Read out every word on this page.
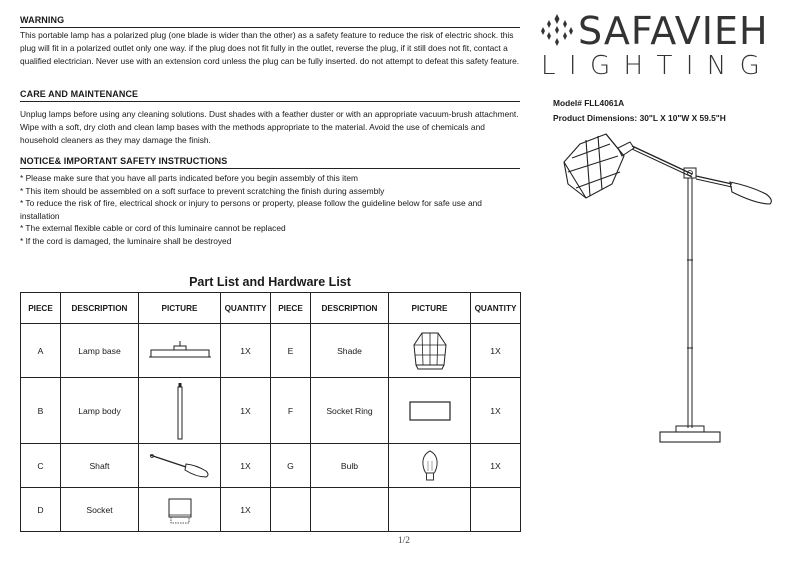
WARNING
This portable lamp has a polarized plug (one blade is wider than the other) as a safety feature to reduce the risk of electric shock. this plug will fit in a polarized outlet only one way. if the plug does not fit fully in the outlet, reverse the plug, if it still does not fit, contact a qualified electrician. Never use with an extension cord unless the plug can be fully inserted. do not attempt to defeat this safety feature.
CARE AND MAINTENANCE
Unplug lamps before using any cleaning solutions. Dust shades with a feather duster or with an appropriate vacuum-brush attachment. Wipe with a soft, dry cloth and clean lamp bases with the methods appropriate to the material. Avoid the use of chemicals and household cleaners as they may damage the finish.
NOTICE& IMPORTANT SAFETY INSTRUCTIONS
* Please make sure that you have all parts indicated before you begin assembly of this item
* This item should be assembled on a soft surface to prevent scratching the finish during assembly
* To reduce the risk of fire, electrical shock or injury to persons or property, please follow the guideline below for safe use and installation
* The external flexible cable or cord of this luminaire cannot be replaced
* If the cord is damaged, the luminaire shall be destroyed
Part List and Hardware List
PIECE	DESCRIPTION	PICTURE	QUANTITY	PIECE	DESCRIPTION	PICTURE	QUANTITY
A	Lamp base		1X	E	Shade		1X
B	Lamp body		1X	F	Socket Ring		1X
C	Shaft		1X	G	Bulb		1X
D	Socket		1X				
SAFAVIEH
LIGHTING
Model# FLL4061A
Product Dimensions: 30"L X 10"W X 59.5"H
1/2
